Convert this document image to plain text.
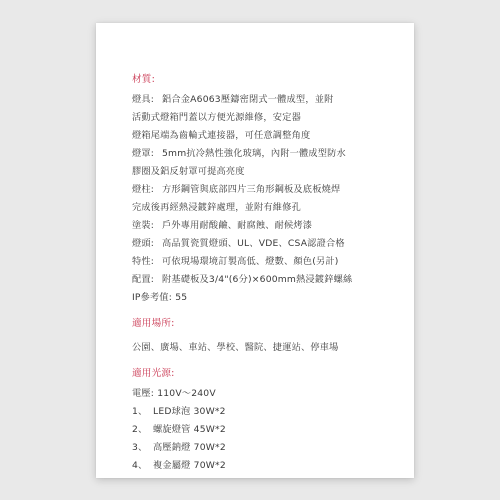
材質:
燈具: 鋁合金A6063壓鑄密閉式一體成型，並附
活動式燈箱門蓋以方便光源維修，安定器
燈箱尾端為齒輪式連接器，可任意調整角度
燈罩: 5mm抗冷熱性強化玻璃，內附一體成型防水
膠圈及鋁反射罩可提高亮度
燈柱: 方形鋼管與底部四片三角形鋼板及底板燒焊
完成後再經熱浸鍍鋅處理，並附有維修孔
塗裝: 戶外專用耐酸鹼、耐腐蝕、耐候烤漆
燈頭: 高品質瓷質燈頭、UL、VDE、CSA認證合格
特性: 可依現場環境訂製高低、燈數、顏色(另計)
配置: 附基礎板及3/4"(6分)×600mm熱浸鍍鋅螺絲
IP參考值: 55
適用場所:
公園、廣場、車站、學校、醫院、捷運站、停車場
適用光源:
電壓: 110V～240V
1、 LED球泡 30W*2
2、 螺旋燈管 45W*2
3、 高壓鈉燈 70W*2
4、 複金屬燈 70W*2
